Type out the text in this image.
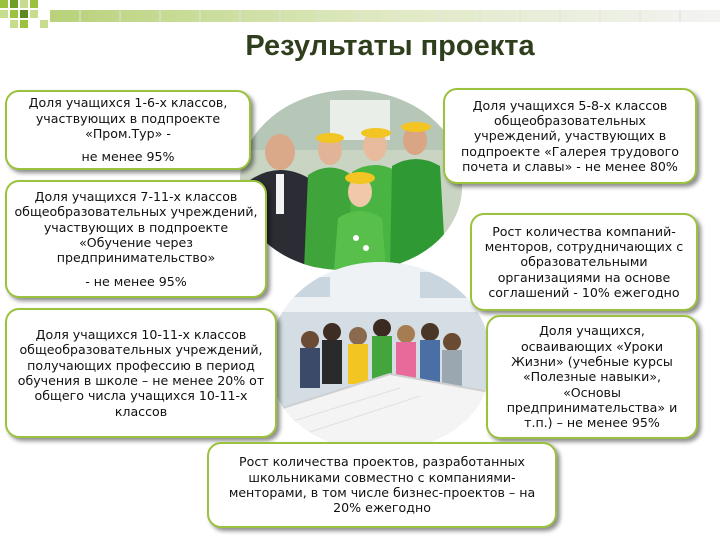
Результаты проекта
Доля учащихся 1-6-х классов, участвующих в подпроекте «Пром.Тур» -
не менее 95%
Доля учащихся 5-8-х классов общеобразовательных учреждений, участвующих в подпроекте «Галерея трудового почета и славы» - не менее 80%
Доля учащихся 7-11-х классов общеобразовательных учреждений, участвующих в подпроекте «Обучение через предпринимательство»
- не менее 95%
Рост количества компаний-менторов, сотрудничающих с образовательными организациями на основе соглашений - 10% ежегодно
Доля учащихся 10-11-х классов общеобразовательных учреждений, получающих профессию в период обучения в школе – не менее 20% от общего числа учащихся 10-11-х классов
Доля учащихся, осваивающих «Уроки Жизни» (учебные курсы «Полезные навыки», «Основы предпринимательства» и т.п.) – не менее 95%
Рост количества проектов, разработанных школьниками совместно с компаниями-менторами, в том числе бизнес-проектов – на 20% ежегодно
